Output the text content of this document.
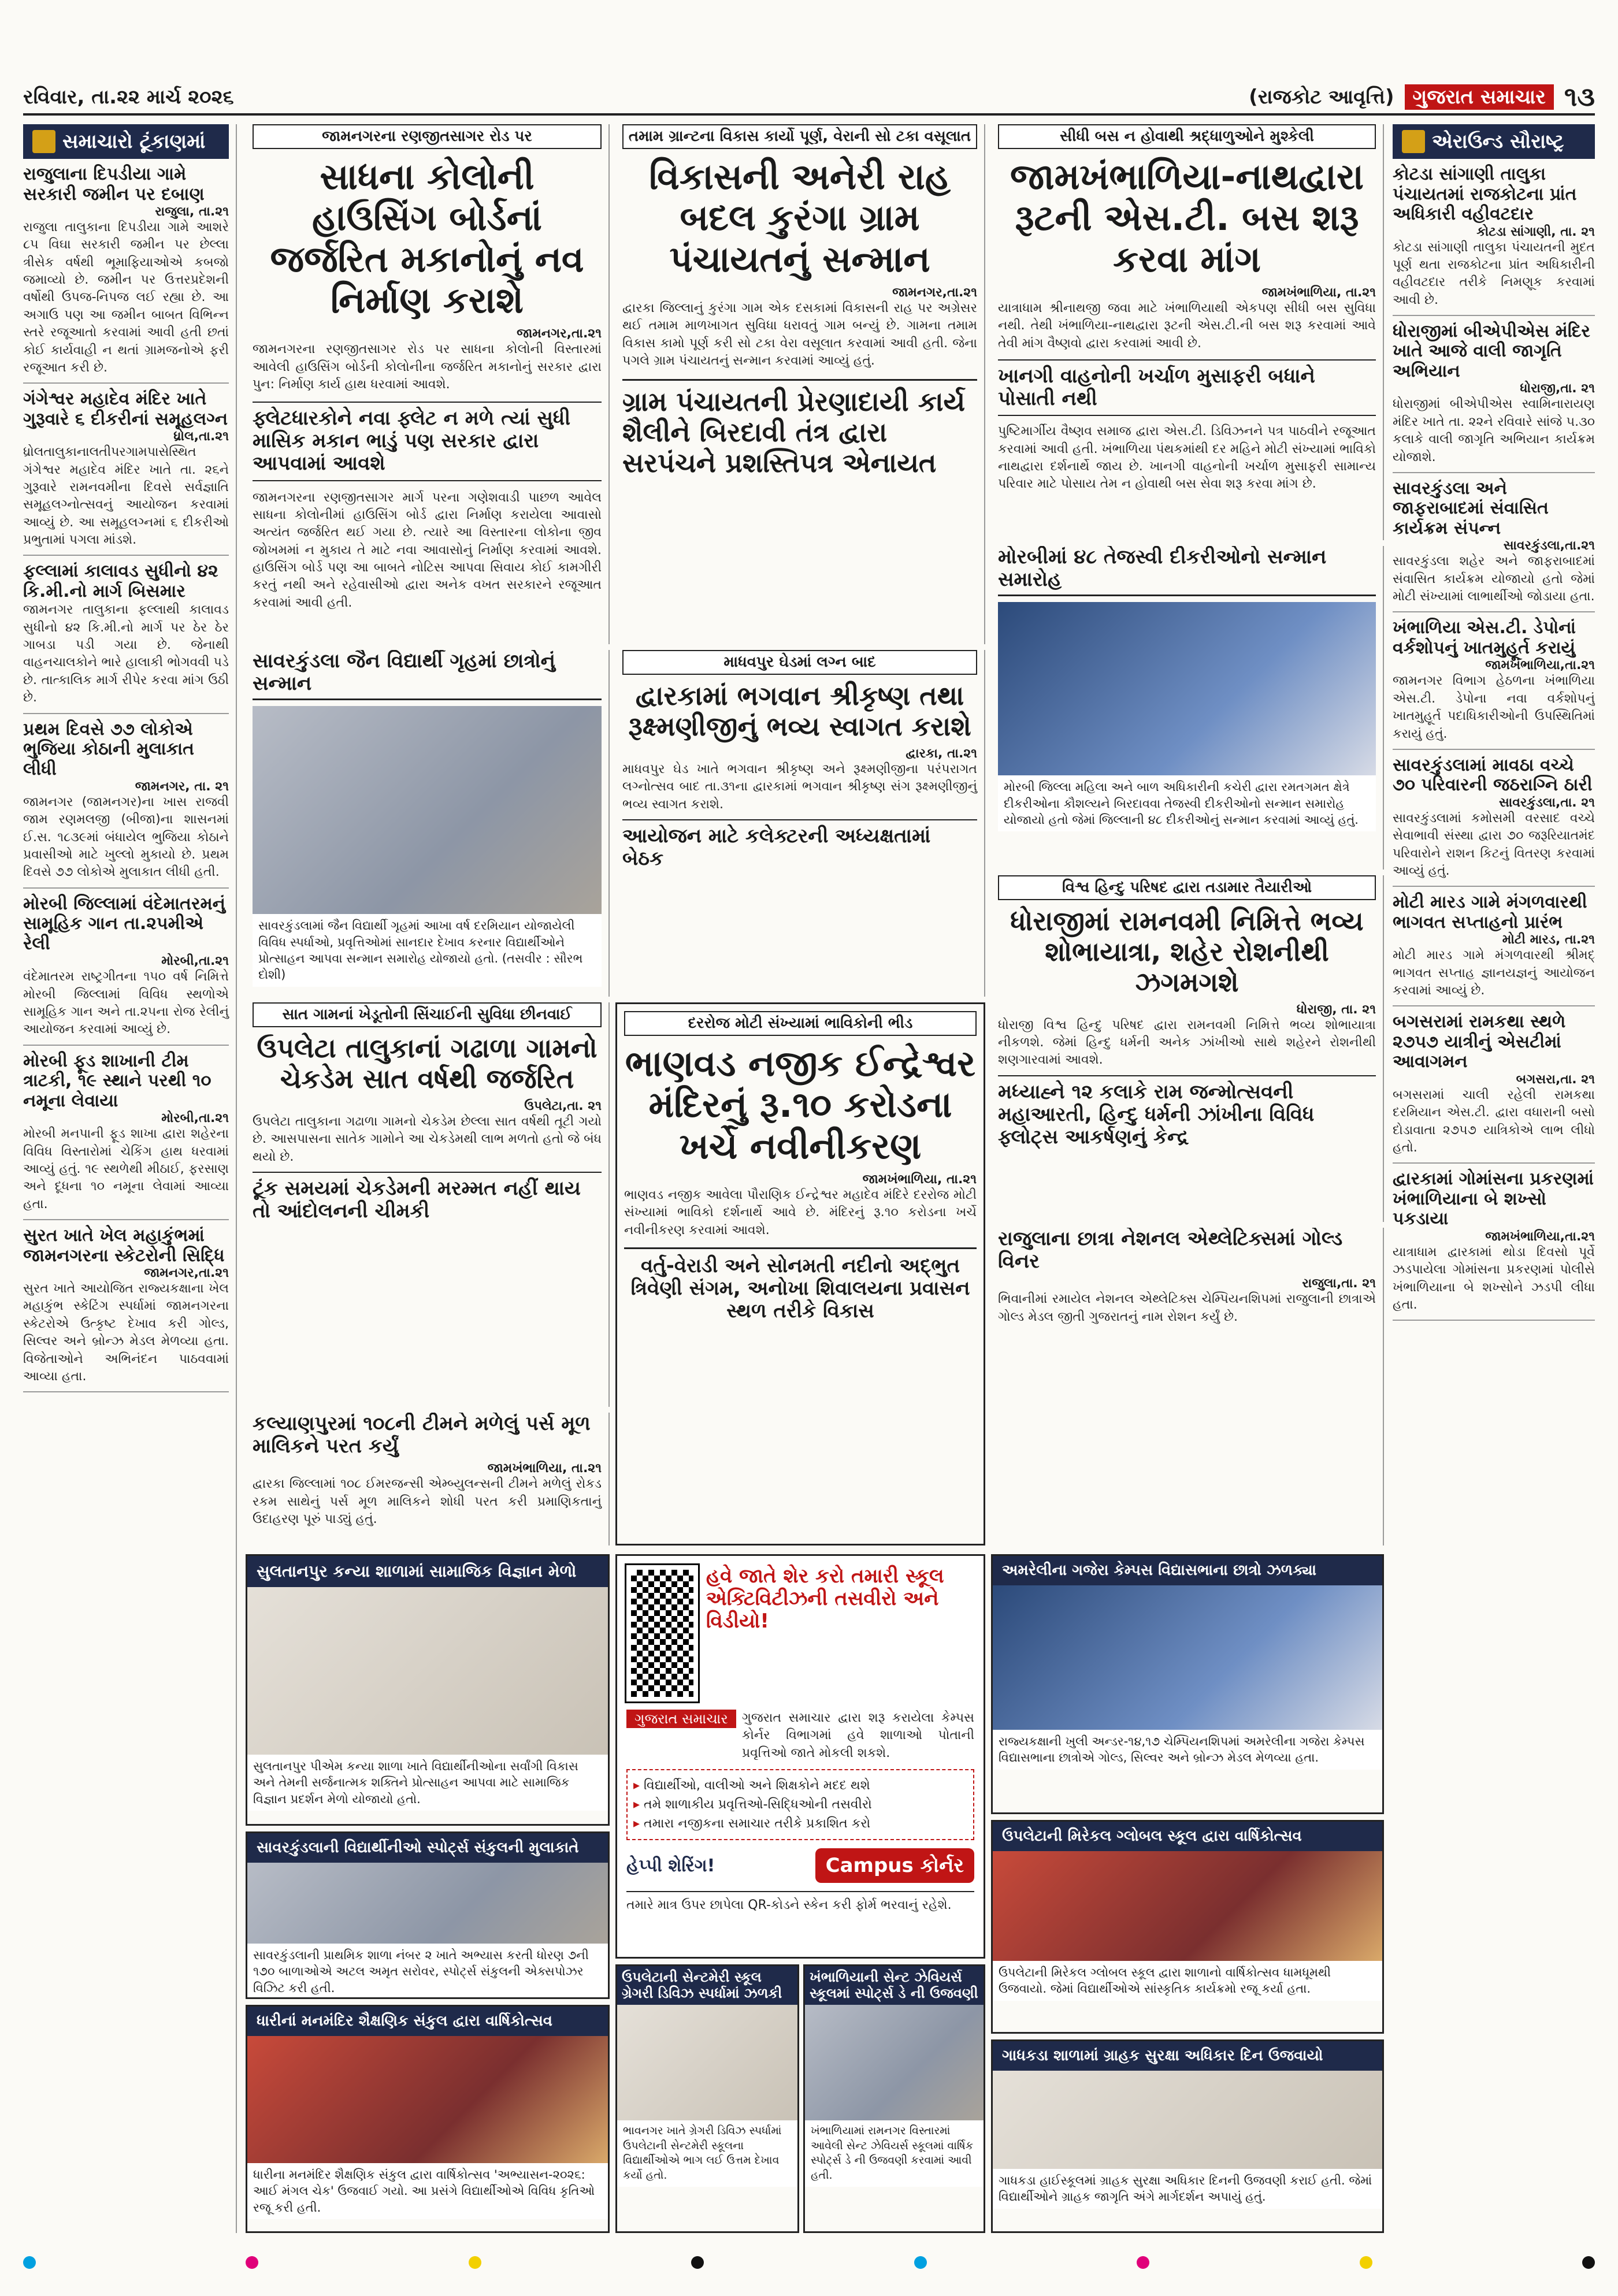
રવિવાર, તા.૨૨ માર્ચ ૨૦૨૬	(રાજકોટ આવૃત્તિ) ગુજરાત સમાચાર ૧૩
સમાચારો ટૂંકાણમાં
રાજુલાના દિપડીયા ગામે સરકારી જમીન પર દબાણ
રાજુલા, તા.૨૧
રાજુલા તાલુકાના દિપડીયા ગામે આશરે ૮૫ વિઘા સરકારી જમીન પર છેલ્લા ત્રીસેક વર્ષથી ભૂમાફિયાઓએ કબજો જમાવ્યો છે. જમીન પર ઉત્તરપ્રદેશની વર્ષોથી ઉપજ-નિપજ લઈ રહ્યા છે. આ અગાઉ પણ આ જમીન બાબત વિભિન્ન સ્તરે રજૂઆતો કરવામાં આવી હતી છતાં કોઈ કાર્યવાહી ન થતાં ગ્રામજનોએ ફરી રજૂઆત કરી છે.
ગંગેશ્વર મહાદેવ મંદિર ખાતે ગુરૂવારે ૬ દીકરીનાં સમૂહલગ્ન
ધ્રોલ,તા.૨૧
ધ્રોલતાલુકાનાલતીપરગામપાસેસ્થિત ગંગેશ્વર મહાદેવ મંદિર ખાતે તા. ૨૬ને ગુરૂવારે રામનવમીના દિવસે સર્વજ્ઞાતિ સમૂહલગ્નોત્સવનું આયોજન કરવામાં આવ્યું છે. આ સમૂહલગ્નમાં ૬ દીકરીઓ પ્રભુતામાં પગલા માંડશે.
ફલ્લામાં કાલાવડ સુધીનો ૪૨ કિ.મી.નો માર્ગ બિસમાર
જામનગર તાલુકાના ફલ્લાથી કાલાવડ સુધીનો ૪૨ કિ.મી.નો માર્ગ પર ઠેર ઠેર ગાબડા પડી ગયા છે. જેનાથી વાહનચાલકોને ભારે હાલાકી ભોગવવી પડે છે. તાત્કાલિક માર્ગ રીપેર કરવા માંગ ઉઠી છે.
પ્રથમ દિવસે ૭૭ લોકોએ ભુજિયા કોઠાની મુલાકાત લીધી
જામનગર, તા. ૨૧
જામનગર (જામનગર)ના ખાસ રાજવી જામ રણમલજી (બીજા)ના શાસનમાં ઈ.સ. ૧૮૩૯માં બંધાયેલ ભુજિયા કોઠાને પ્રવાસીઓ માટે ખુલ્લો મુકાયો છે. પ્રથમ દિવસે ૭૭ લોકોએ મુલાકાત લીધી હતી.
મોરબી જિલ્લામાં વંદેમાતરમનું સામૂહિક ગાન તા.૨૫મીએ રેલી
મોરબી,તા.૨૧
વંદેમાતરમ રાષ્ટ્રગીતના ૧૫૦ વર્ષ નિમિત્તે મોરબી જિલ્લામાં વિવિધ સ્થળોએ સામૂહિક ગાન અને તા.૨૫ના રોજ રેલીનું આયોજન કરવામાં આવ્યું છે.
મોરબી ફૂડ શાખાની ટીમ ત્રાટકી, ૧૯ સ્થાને પરથી ૧૦ નમૂના લેવાયા
મોરબી,તા.૨૧
મોરબી મનપાની ફૂડ શાખા દ્વારા શહેરના વિવિધ વિસ્તારોમાં ચેકિંગ હાથ ધરવામાં આવ્યું હતું. ૧૯ સ્થળેથી મીઠાઈ, ફરસાણ અને દૂધના ૧૦ નમૂના લેવામાં આવ્યા હતા.
સુરત ખાતે ખેલ મહાકુંભમાં જામનગરના સ્કેટરોની સિદ્ધિ
જામનગર,તા.૨૧
સુરત ખાતે આયોજિત રાજ્યકક્ષાના ખેલ મહાકુંભ સ્કેટિંગ સ્પર્ધામાં જામનગરના સ્કેટરોએ ઉત્કૃષ્ટ દેખાવ કરી ગોલ્ડ, સિલ્વર અને બ્રોન્ઝ મેડલ મેળવ્યા હતા. વિજેતાઓને અભિનંદન પાઠવવામાં આવ્યા હતા.
જામનગરના રણજીતસાગર રોડ પર
સાધના કોલોની હાઉસિંગ બોર્ડનાં જર્જરિત મકાનોનું નવ નિર્માણ કરાશે
જામનગર,તા.૨૧
જામનગરના રણજીતસાગર રોડ પર સાધના કોલોની વિસ્તારમાં આવેલી હાઉસિંગ બોર્ડની કોલોનીના જર્જરિત મકાનોનું સરકાર દ્વારા પુન: નિર્માણ કાર્ય હાથ ધરવામાં આવશે.
ફ્લેટધારકોને નવા ફ્લેટ ન મળે ત્યાં સુધી માસિક મકાન ભાડું પણ સરકાર દ્વારા આપવામાં આવશે
જામનગરના રણજીતસાગર માર્ગ પરના ગણેશવાડી પાછળ આવેલ સાધના કોલોનીમાં હાઉસિંગ બોર્ડ દ્વારા નિર્માણ કરાયેલા આવાસો અત્યંત જર્જરિત થઈ ગયા છે. ત્યારે આ વિસ્તારના લોકોના જીવ જોખમમાં ન મુકાય તે માટે નવા આવાસોનું નિર્માણ કરવામાં આવશે. હાઉસિંગ બોર્ડ પણ આ બાબતે નોટિસ આપવા સિવાય કોઈ કામગીરી કરતું નથી અને રહેવાસીઓ દ્વારા અનેક વખત સરકારને રજૂઆત કરવામાં આવી હતી.
તમામ ગ્રાન્ટના વિકાસ કાર્યો પૂર્ણ, વેરાની સો ટકા વસૂલાત
વિકાસની અનેરી રાહ બદલ કુરંગા ગ્રામ પંચાયતનું સન્માન
જામનગર,તા.૨૧
દ્વારકા જિલ્લાનું કુરંગા ગામ એક દસકામાં વિકાસની રાહ પર અગ્રેસર થઈ તમામ માળખાગત સુવિધા ધરાવતું ગામ બન્યું છે. ગામના તમામ વિકાસ કામો પૂર્ણ કરી સો ટકા વેરા વસૂલાત કરવામાં આવી હતી. જેના પગલે ગ્રામ પંચાયતનું સન્માન કરવામાં આવ્યું હતું.
ગ્રામ પંચાયતની પ્રેરણાદાયી કાર્ય શૈલીને બિરદાવી તંત્ર દ્વારા સરપંચને પ્રશસ્તિપત્ર એનાયત
સીધી બસ ન હોવાથી શ્રદ્ધાળુઓને મુશ્કેલી
જામખંભાળિયા-નાથદ્વારા રૂટની એસ.ટી. બસ શરૂ કરવા માંગ
જામખંભાળિયા, તા.૨૧
યાત્રાધામ શ્રીનાથજી જવા માટે ખંભાળિયાથી એકપણ સીધી બસ સુવિધા નથી. તેથી ખંભાળિયા-નાથદ્વારા રૂટની એસ.ટી.ની બસ શરૂ કરવામાં આવે તેવી માંગ વૈષ્ણવો દ્વારા કરવામાં આવી છે.
ખાનગી વાહનોની ખર્ચાળ મુસાફરી બધાને પોસાતી નથી
પુષ્ટિમાર્ગીય વૈષ્ણવ સમાજ દ્વારા એસ.ટી. ડિવિઝનને પત્ર પાઠવીને રજૂઆત કરવામાં આવી હતી. ખંભાળિયા પંથકમાંથી દર મહિને મોટી સંખ્યામાં ભાવિકો નાથદ્વારા દર્શનાર્થે જાય છે. ખાનગી વાહનોની ખર્ચાળ મુસાફરી સામાન્ય પરિવાર માટે પોસાય તેમ ન હોવાથી બસ સેવા શરૂ કરવા માંગ છે.
એરાઉન્ડ સૌરાષ્ટ્ર
કોટડા સાંગાણી તાલુકા પંચાયતમાં રાજકોટના પ્રાંત અધિકારી વહીવટદાર
કોટડા સાંગાણી, તા. ૨૧
કોટડા સાંગાણી તાલુકા પંચાયતની મુદત પૂર્ણ થતા રાજકોટના પ્રાંત અધિકારીની વહીવટદાર તરીકે નિમણૂક કરવામાં આવી છે.
ધોરાજીમાં બીએપીએસ મંદિર ખાતે આજે વાલી જાગૃતિ અભિયાન
ધોરાજી,તા. ૨૧
ધોરાજીમાં બીએપીએસ સ્વામિનારાયણ મંદિર ખાતે તા. ૨૨ને રવિવારે સાંજે ૫.૩૦ કલાકે વાલી જાગૃતિ અભિયાન કાર્યક્રમ યોજાશે.
સાવરકુંડલા અને જાફરાબાદમાં સંવાસિત કાર્યક્રમ સંપન્ન
સાવરકુંડલા,તા.૨૧
સાવરકુંડલા શહેર અને જાફરાબાદમાં સંવાસિત કાર્યક્રમ યોજાયો હતો જેમાં મોટી સંખ્યામાં લાભાર્થીઓ જોડાયા હતા.
ખંભાળિયા એસ.ટી. ડેપોનાં વર્કશોપનું ખાતમુહૂર્ત કરાયું
જામખંભાળિયા,તા.૨૧
જામનગર વિભાગ હેઠળના ખંભાળિયા એસ.ટી. ડેપોના નવા વર્કશોપનું ખાતમુહૂર્ત પદાધિકારીઓની ઉપસ્થિતિમાં કરાયું હતું.
સાવરકુંડલામાં માવઠા વચ્ચે ૭૦ પરિવારની જઠરાગ્નિ ઠારી
સાવરકુંડલા,તા. ૨૧
સાવરકુંડલામાં કમોસમી વરસાદ વચ્ચે સેવાભાવી સંસ્થા દ્વારા ૭૦ જરૂરિયાતમંદ પરિવારોને રાશન કિટનું વિતરણ કરવામાં આવ્યું હતું.
મોટી મારડ ગામે મંગળવારથી ભાગવત સપ્તાહનો પ્રારંભ
મોટી મારડ, તા.૨૧
મોટી મારડ ગામે મંગળવારથી શ્રીમદ્ ભાગવત સપ્તાહ જ્ઞાનયજ્ઞનું આયોજન કરવામાં આવ્યું છે.
બગસરામાં રામકથા સ્થળે ૨૭૫૭ યાત્રીનું એસટીમાં આવાગમન
બગસરા,તા. ૨૧
બગસરામાં ચાલી રહેલી રામકથા દરમિયાન એસ.ટી. દ્વારા વધારાની બસો દોડાવાતા ૨૭૫૭ યાત્રિકોએ લાભ લીધો હતો.
દ્વારકામાં ગોમાંસના પ્રકરણમાં ખંભાળિયાના બે શખ્સો પકડાયા
જામખંભાળિયા,તા.૨૧
યાત્રાધામ દ્વારકામાં થોડા દિવસો પૂર્વે ઝડપાયેલા ગોમાંસના પ્રકરણમાં પોલીસે ખંભાળિયાના બે શખ્સોને ઝડપી લીધા હતા.
સાવરકુંડલા જૈન વિદ્યાર્થી ગૃહમાં છાત્રોનું સન્માન
સાવરકુંડલામાં જૈન વિદ્યાર્થી ગૃહમાં આખા વર્ષ દરમિયાન યોજાયેલી વિવિધ સ્પર્ધાઓ, પ્રવૃત્તિઓમાં સાનદાર દેખાવ કરનાર વિદ્યાર્થીઓને પ્રોત્સાહન આપવા સન્માન સમારોહ યોજાયો હતો. (તસવીર : સૌરભ દોશી)
માધવપુર ઘેડમાં લગ્ન બાદ
દ્વારકામાં ભગવાન શ્રીકૃષ્ણ તથા રૂક્ષ્મણીજીનું ભવ્ય સ્વાગત કરાશે
દ્વારકા, તા.૨૧
માધવપુર ઘેડ ખાતે ભગવાન શ્રીકૃષ્ણ અને રૂક્ષ્મણીજીના પરંપરાગત લગ્નોત્સવ બાદ તા.૩૧ના દ્વારકામાં ભગવાન શ્રીકૃષ્ણ સંગ રૂક્ષ્મણીજીનું ભવ્ય સ્વાગત કરાશે.
આયોજન માટે કલેક્ટરની અધ્યક્ષતામાં બેઠક
મોરબીમાં ૪૮ તેજસ્વી દીકરીઓનો સન્માન સમારોહ
મોરબી જિલ્લા મહિલા અને બાળ અધિકારીની કચેરી દ્વારા રમતગમત ક્ષેત્રે દીકરીઓના કૌશલ્યને બિરદાવવા તેજસ્વી દીકરીઓનો સન્માન સમારોહ યોજાયો હતો જેમાં જિલ્લાની ૪૮ દીકરીઓનું સન્માન કરવામાં આવ્યું હતું.
વિશ્વ હિન્દુ પરિષદ દ્વારા તડામાર તૈયારીઓ
ધોરાજીમાં રામનવમી નિમિત્તે ભવ્ય શોભાયાત્રા, શહેર રોશનીથી ઝગમગશે
ધોરાજી, તા. ૨૧
ધોરાજી વિશ્વ હિન્દુ પરિષદ દ્વારા રામનવમી નિમિત્તે ભવ્ય શોભાયાત્રા નીકળશે. જેમાં હિન્દુ ધર્મની અનેક ઝાંખીઓ સાથે શહેરને રોશનીથી શણગારવામાં આવશે.
મધ્યાહ્ને ૧૨ કલાકે રામ જન્મોત્સવની મહાઆરતી, હિન્દુ ધર્મની ઝાંખીના વિવિધ ફ્લોટ્સ આકર્ષણનું કેન્દ્ર
સાત ગામનાં ખેડૂતોની સિંચાઈની સુવિધા છીનવાઈ
ઉપલેટા તાલુકાનાં ગઢાળા ગામનો ચેકડેમ સાત વર્ષથી જર્જરિત
ઉપલેટા,તા. ૨૧
ઉપલેટા તાલુકાના ગઢાળા ગામનો ચેકડેમ છેલ્લા સાત વર્ષથી તૂટી ગયો છે. આસપાસના સાતેક ગામોને આ ચેકડેમથી લાભ મળતો હતો જે બંધ થયો છે.
ટૂંક સમયમાં ચેકડેમની મરમ્મત નહીં થાય તો આંદોલનની ચીમકી
કલ્યાણપુરમાં ૧૦૮ની ટીમને મળેલું પર્સ મૂળ માલિકને પરત કર્યું
જામખંભાળિયા, તા.૨૧
દ્વારકા જિલ્લામાં ૧૦૮ ઈમરજન્સી એમ્બ્યુલન્સની ટીમને મળેલું રોકડ રકમ સાથેનું પર્સ મૂળ માલિકને શોધી પરત કરી પ્રમાણિકતાનું ઉદાહરણ પૂરું પાડ્યું હતું.
દરરોજ મોટી સંખ્યામાં ભાવિકોની ભીડ
ભાણવડ નજીક ઈન્દ્રેશ્વર મંદિરનું રૂ.૧૦ કરોડના ખર્ચે નવીનીકરણ
જામખંભાળિયા, તા.૨૧
ભાણવડ નજીક આવેલા પૌરાણિક ઈન્દ્રેશ્વર મહાદેવ મંદિરે દરરોજ મોટી સંખ્યામાં ભાવિકો દર્શનાર્થે આવે છે. મંદિરનું રૂ.૧૦ કરોડના ખર્ચે નવીનીકરણ કરવામાં આવશે.
વર્તુ-વેરાડી અને સોનમતી નદીનો અદ્ભુત ત્રિવેણી સંગમ, અનોખા શિવાલયના પ્રવાસન સ્થળ તરીકે વિકાસ
રાજુલાના છાત્રા નેશનલ એથ્લેટિક્સમાં ગોલ્ડ વિનર
રાજુલા,તા. ૨૧
ભિવાનીમાં રમાયેલ નેશનલ એથ્લેટિક્સ ચેમ્પિયનશિપમાં રાજુલાની છાત્રાએ ગોલ્ડ મેડલ જીતી ગુજરાતનું નામ રોશન કર્યું છે.
સુલતાનપુર કન્યા શાળામાં સામાજિક વિજ્ઞાન મેળો
સુલતાનપુર પીએમ કન્યા શાળા ખાતે વિદ્યાર્થીનીઓના સર્વાંગી વિકાસ અને તેમની સર્જનાત્મક શક્તિને પ્રોત્સાહન આપવા માટે સામાજિક વિજ્ઞાન પ્રદર્શન મેળો યોજાયો હતો.
સાવરકુંડલાની વિદ્યાર્થીનીઓ સ્પોર્ટ્સ સંકુલની મુલાકાતે
સાવરકુંડલાની પ્રાથમિક શાળા નંબર ૨ ખાતે અભ્યાસ કરતી ધોરણ ૭ની ૧૭૦ બાળાઓએ અટલ અમૃત સરોવર, સ્પોર્ટ્સ સંકુલની એક્સપોઝર વિઝિટ કરી હતી.
ધારીનાં મનમંદિર શૈક્ષણિક સંકુલ દ્વારા વાર્ષિકોત્સવ
ધારીના મનમંદિર શૈક્ષણિક સંકુલ દ્વારા વાર્ષિકોત્સવ 'અભ્યાસન-૨૦૨૬: આઈ મંગલ ચેક' ઉજવાઈ ગયો. આ પ્રસંગે વિદ્યાર્થીઓએ વિવિધ કૃતિઓ રજૂ કરી હતી.
હવે જાતે શેર કરો તમારી સ્કૂલ એક્ટિવિટીઝની તસવીરો અને વિડીયો!
ગુજરાત સમાચાર	ગુજરાત સમાચાર દ્વારા શરૂ કરાયેલા કેમ્પસ કોર્નર વિભાગમાં હવે શાળાઓ પોતાની પ્રવૃત્તિઓ જાતે મોકલી શકશે.
▸ વિદ્યાર્થીઓ, વાલીઓ અને શિક્ષકોને મદદ થશે
▸ તમે શાળાકીય પ્રવૃત્તિઓ-સિદ્ધિઓની તસવીરો
▸ તમારા નજીકના સમાચાર તરીકે પ્રકાશિત કરો
હેપ્પી શેરિંગ!	Campus કોર્નર
તમારે માત્ર ઉપર છાપેલા QR-કોડને સ્કેન કરી ફોર્મ ભરવાનું રહેશે.
ઉપલેટાની સેન્ટમેરી સ્કૂલ ગ્રેગરી ડિવિઝ સ્પર્ધામાં ઝળકી
ભાવનગર ખાતે ગ્રેગરી ડિવિઝ સ્પર્ધામાં ઉપલેટાની સેન્ટમેરી સ્કૂલના વિદ્યાર્થીઓએ ભાગ લઈ ઉત્તમ દેખાવ કર્યો હતો.
ખંભાળિયાની સેન્ટ ઝેવિયર્સ સ્કૂલમાં સ્પોર્ટ્સ ડે ની ઉજવણી
ખંભાળિયામાં રામનગર વિસ્તારમાં આવેલી સેન્ટ ઝેવિયર્સ સ્કૂલમાં વાર્ષિક સ્પોર્ટ્સ ડે ની ઉજવણી કરવામાં આવી હતી.
અમરેલીના ગજેરા કેમ્પસ વિદ્યાસભાના છાત્રો ઝળક્યા
રાજ્યકક્ષાની ખુલી અન્ડર-૧૪,૧૭ ચેમ્પિયનશિપમાં અમરેલીના ગજેરા કેમ્પસ વિદ્યાસભાના છાત્રોએ ગોલ્ડ, સિલ્વર અને બ્રોન્ઝ મેડલ મેળવ્યા હતા.
ઉપલેટાની મિરેકલ ગ્લોબલ સ્કૂલ દ્વારા વાર્ષિકોત્સવ
ઉપલેટાની મિરેકલ ગ્લોબલ સ્કૂલ દ્વારા શાળાનો વાર્ષિકોત્સવ ધામધૂમથી ઉજવાયો. જેમાં વિદ્યાર્થીઓએ સાંસ્કૃતિક કાર્યક્રમો રજૂ કર્યા હતા.
ગાધકડા શાળામાં ગ્રાહક સુરક્ષા અધિકાર દિન ઉજવાયો
ગાધકડા હાઈસ્કૂલમાં ગ્રાહક સુરક્ષા અધિકાર દિનની ઉજવણી કરાઈ હતી. જેમાં વિદ્યાર્થીઓને ગ્રાહક જાગૃતિ અંગે માર્ગદર્શન અપાયું હતું.
